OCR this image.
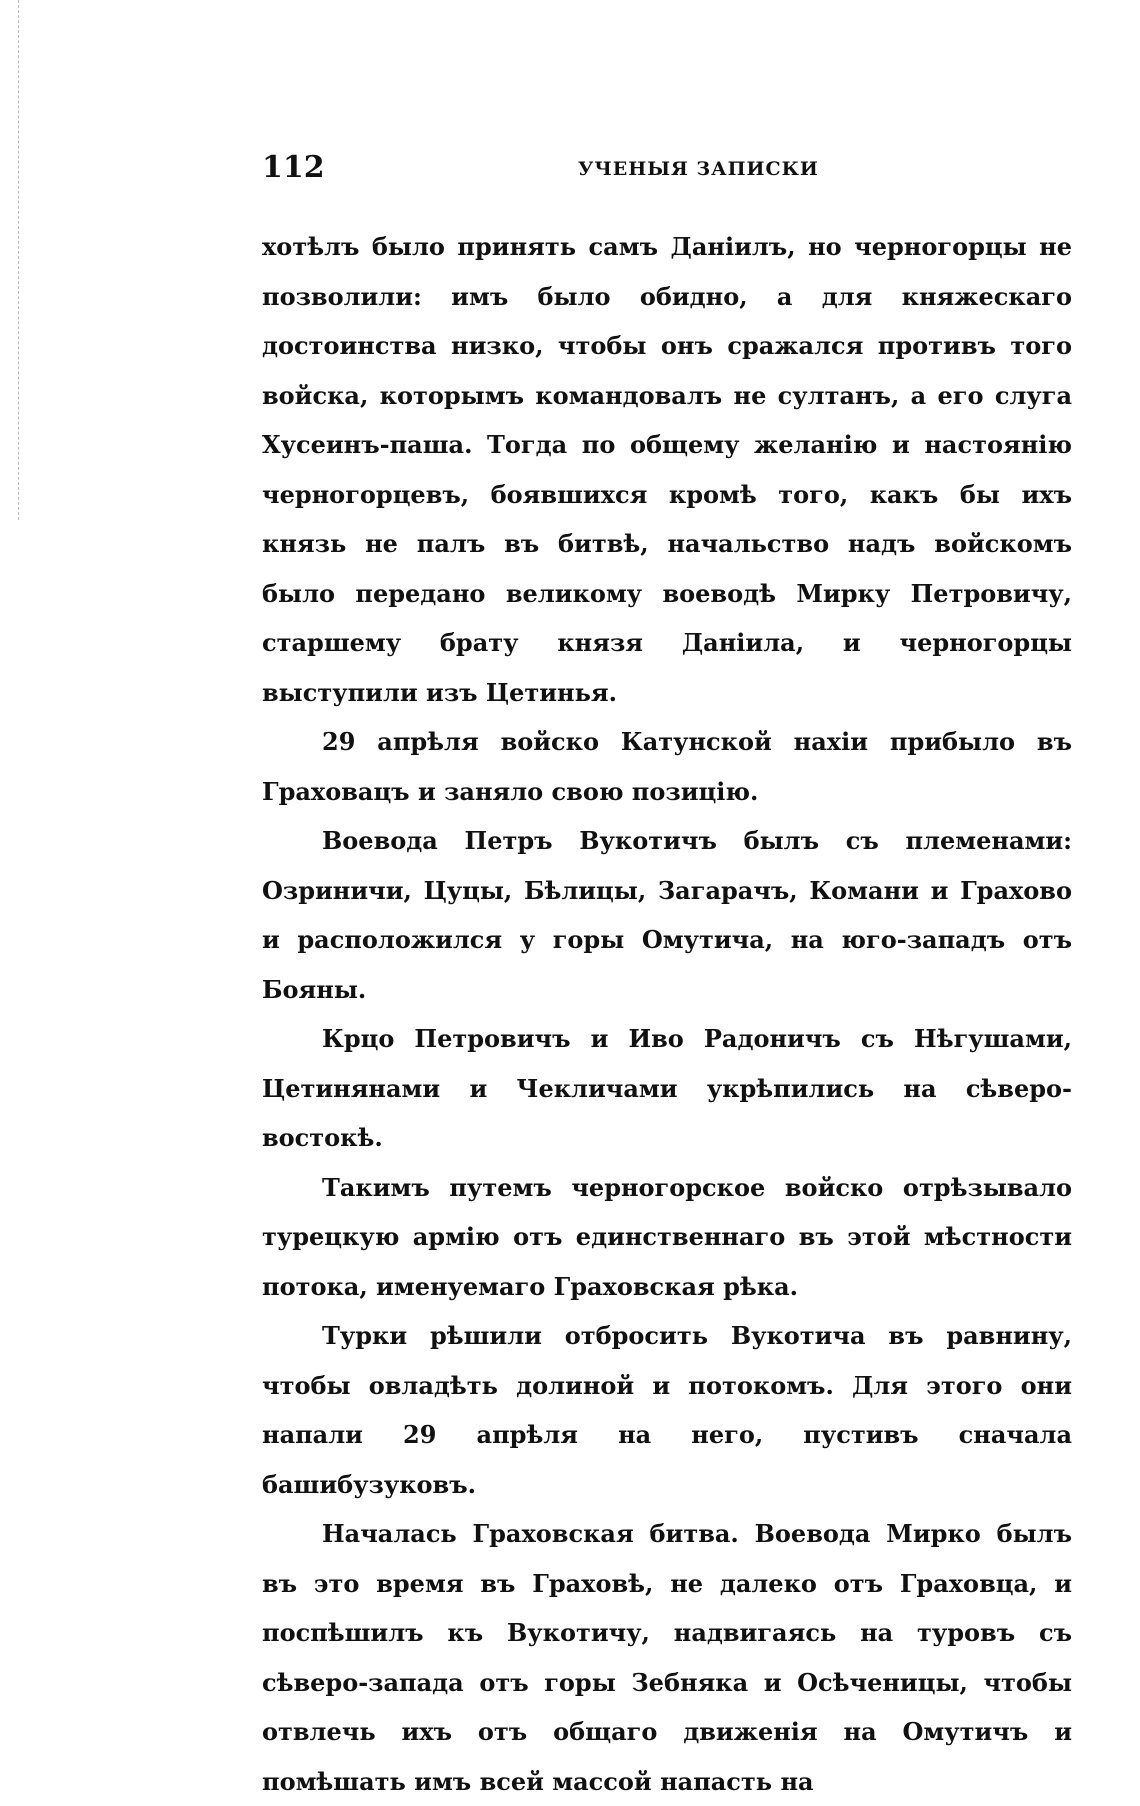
112	УЧЕНЫЯ ЗАПИСКИ

хотѣлъ было принять самъ Даніилъ, но черногорцы не позволили: имъ было обидно, а для княжескаго достоинства низко, чтобы онъ сражался противъ того войска, которымъ командовалъ не султанъ, а его слуга Хусеинъ-паша. Тогда по общему желанію и настоянію черногорцевъ, боявшихся кромѣ того, какъ бы ихъ князь не палъ въ битвѣ, начальство надъ войскомъ было передано великому воеводѣ Мирку Петровичу, старшему брату князя Даніила, и черногорцы выступили изъ Цетинья.

29 апрѣля войско Катунской нахіи прибыло въ Граховацъ и заняло свою позицію.

Воевода Петръ Вукотичъ былъ съ племенами: Озриничи, Цуцы, Бѣлицы, Загарачъ, Комани и Грахово и расположился у горы Омутича, на юго-западъ отъ Бояны.

Крцо Петровичъ и Иво Радоничъ съ Нѣгушами, Цетинянами и Чекличами укрѣпились на сѣверо-востокѣ.

Такимъ путемъ черногорское войско отрѣзывало турецкую армію отъ единственнаго въ этой мѣстности потока, именуемаго Граховская рѣка.

Турки рѣшили отбросить Вукотича въ равнину, чтобы овладѣть долиной и потокомъ. Для этого они напали 29 апрѣля на него, пустивъ сначала башибузуковъ.

Началась Граховская битва. Воевода Мирко былъ въ это время въ Граховѣ, не далеко отъ Граховца, и поспѣшилъ къ Вукотичу, надвигаясь на туровъ съ сѣверо-запада отъ горы Зебняка и Осѣченицы, чтобы отвлечь ихъ отъ общаго движенія на Омутичъ и помѣшать имъ всей массой напасть на
